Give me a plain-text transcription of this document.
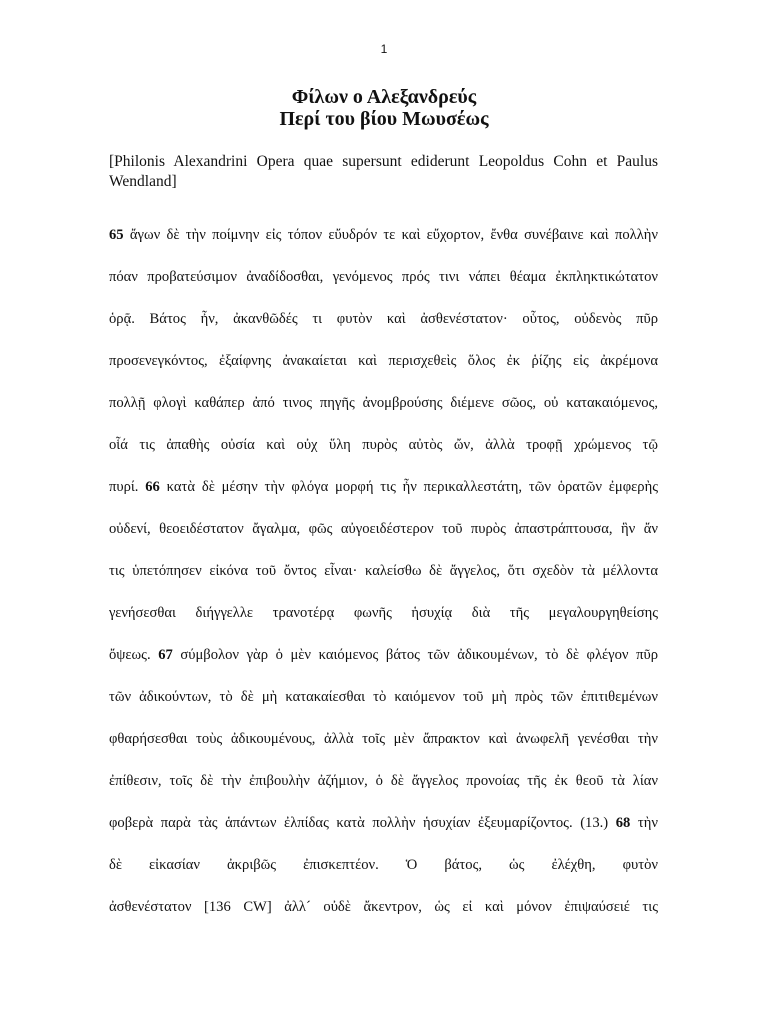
1
Φίλων ο Αλεξανδρεύς
Περί του βίου Μωυσέως
[Philonis Alexandrini Opera quae supersunt ediderunt Leopoldus Cohn et Paulus Wendland]
65 ἄγων δὲ τὴν ποίμνην εἰς τόπον εὔυδρόν τε καὶ εὔχορτον, ἔνθα συνέβαινε καὶ πολλὴν
πόαν προβατεύσιμον ἀναδίδοσθαι, γενόμενος πρός τινι νάπει θέαμα ἐκπληκτικώτατον
ὁρᾷ. Βάτος ἦν, ἀκανθῶδές τι φυτὸν καὶ ἀσθενέστατον· οὗτος, οὐδενὸς πῦρ
προσενεγκόντος, ἐξαίφνης ἀνακαίεται καὶ περισχεθεὶς ὅλος ἐκ ῥίζης εἰς ἀκρέμονα
πολλῇ φλογὶ καθάπερ ἀπό τινος πηγῆς ἀνομβρούσης διέμενε σῶος, οὐ κατακαιόμενος,
οἷά τις ἀπαθὴς οὐσία καὶ οὐχ ὕλη πυρὸς αὐτὸς ὤν, ἀλλὰ τροφῇ χρώμενος τῷ
πυρί. 66 κατὰ δὲ μέσην τὴν φλόγα μορφή τις ἦν περικαλλεστάτη, τῶν ὁρατῶν ἐμφερὴς
οὐδενί, θεοειδέστατον ἄγαλμα, φῶς αὐγοειδέστερον τοῦ πυρὸς ἀπαστράπτουσα, ἣν ἄν
τις ὑπετόπησεν εἰκόνα τοῦ ὄντος εἶναι· καλείσθω δὲ ἄγγελος, ὅτι σχεδὸν τὰ μέλλοντα
γενήσεσθαι διήγγελλε τρανοτέρᾳ φωνῆς ἡσυχίᾳ διὰ τῆς μεγαλουργηθείσης
ὄψεως. 67 σύμβολον γὰρ ὁ μὲν καιόμενος βάτος τῶν ἀδικουμένων, τὸ δὲ φλέγον πῦρ
τῶν ἀδικούντων, τὸ δὲ μὴ κατακαίεσθαι τὸ καιόμενον τοῦ μὴ πρὸς τῶν ἐπιτιθεμένων
φθαρήσεσθαι τοὺς ἀδικουμένους, ἀλλὰ τοῖς μὲν ἄπρακτον καὶ ἀνωφελῆ γενέσθαι τὴν
ἐπίθεσιν, τοῖς δὲ τὴν ἐπιβουλὴν ἀζήμιον, ὁ δὲ ἄγγελος προνοίας τῆς ἐκ θεοῦ τὰ λίαν
φοβερὰ παρὰ τὰς ἁπάντων ἐλπίδας κατὰ πολλὴν ἡσυχίαν ἐξευμαρίζοντος. (13.) 68 τὴν
δὲ εἰκασίαν ἀκριβῶς ἐπισκεπτέον. Ὁ βάτος, ὡς ἐλέχθη, φυτὸν
ἀσθενέστατον [136 CW] ἀλλ´ οὐδὲ ἄκεντρον, ὡς εἰ καὶ μόνον ἐπιψαύσειέ τις
